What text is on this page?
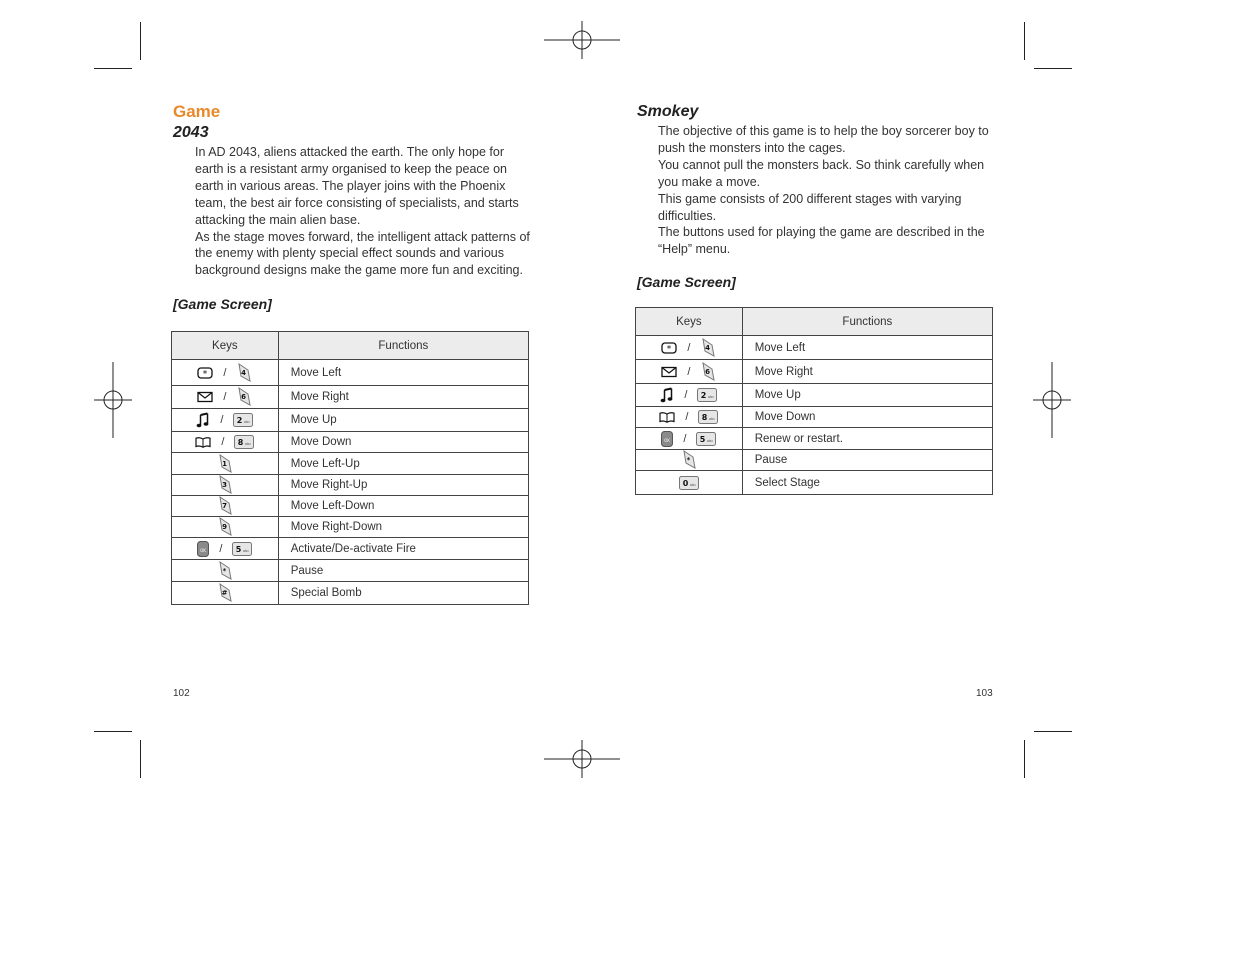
Game
2043

In AD 2043, aliens attacked the earth. The only hope for earth is a resistant army organised to keep the peace on earth in various areas. The player joins with the Phoenix team, the best air force consisting of specialists, and starts attacking the main alien base.

As the stage moves forward, the intelligent attack patterns of the enemy with plenty special effect sounds and various background designs make the game more fun and exciting.

[Game Screen]
Keys	Functions

* / 4	Move Left

/ 6	Move Right

/ 2 abc	Move Up

/ 8 abc	Move Down

1	Move Left-Up

3	Move Right-Up

7	Move Left-Down

9	Move Right-Down

OK / 5 abc	Activate/De-activate Fire

*	Pause

#	Special Bomb
102
Smokey

The objective of this game is to help the boy sorcerer boy to push the monsters into the cages.

You cannot pull the monsters back. So think carefully when you make a move.

This game consists of 200 different stages with varying difficulties.

The buttons used for playing the game are described in the “Help” menu.

[Game Screen]
Keys	Functions

* / 4	Move Left

/ 6	Move Right

/ 2 abc	Move Up

/ 8 abc	Move Down

OK / 5 abc	Renew or restart.

*	Pause

0 abc	Select Stage
103
